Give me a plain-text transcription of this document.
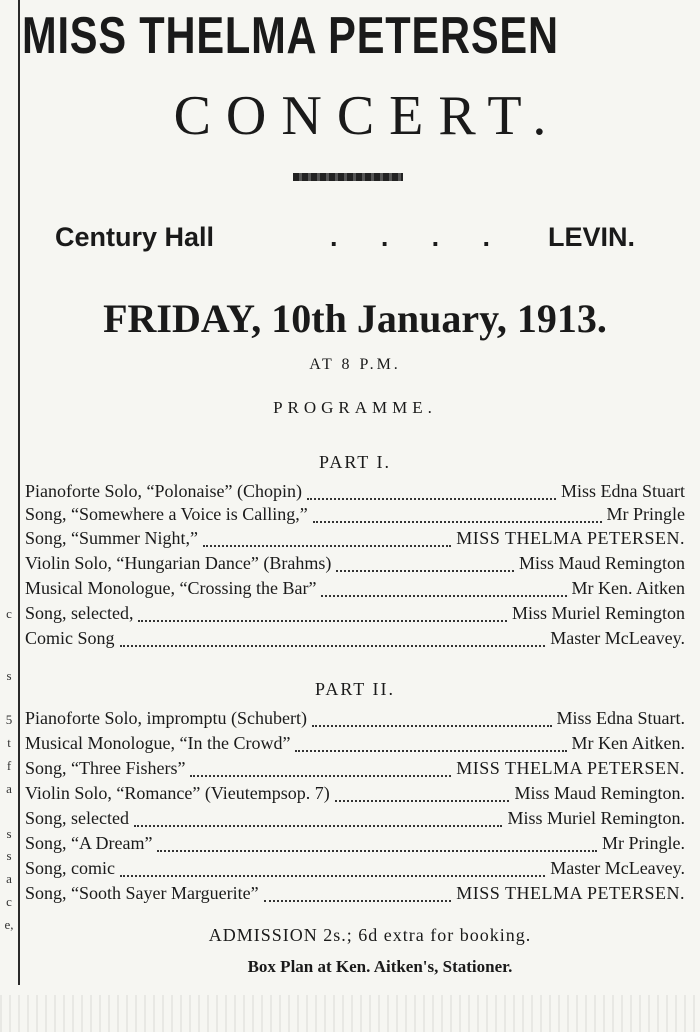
c
s
5
t
f
a
s
s
a
c
e,
MISS THELMA PETERSEN
CONCERT.
Century Hall	. . . . LEVIN.
FRIDAY, 10th January, 1913.
AT 8 P.M.
PROGRAMME.
PART I.
Pianoforte Solo, “Polonaise” (Chopin)	Miss Edna Stuart
Song, “Somewhere a Voice is Calling,”	Mr Pringle
Song, “Summer Night,”	MISS THELMA PETERSEN.
Violin Solo, “Hungarian Dance” (Brahms)	Miss Maud Remington
Musical Monologue, “Crossing the Bar”	Mr Ken. Aitken
Song, selected,	Miss Muriel Remington
Comic Song	Master McLeavey.
PART II.
Pianoforte Solo, impromptu (Schubert)	Miss Edna Stuart.
Musical Monologue, “In the Crowd”	Mr Ken Aitken.
Song, “Three Fishers”	MISS THELMA PETERSEN.
Violin Solo, “Romance” (Vieutempsop. 7)	Miss Maud Remington.
Song, selected	Miss Muriel Remington.
Song, “A Dream”	Mr Pringle.
Song, comic	Master McLeavey.
Song, “Sooth Sayer Marguerite”	MISS THELMA PETERSEN.
ADMISSION 2s.; 6d extra for booking.
Box Plan at Ken. Aitken's, Stationer.
